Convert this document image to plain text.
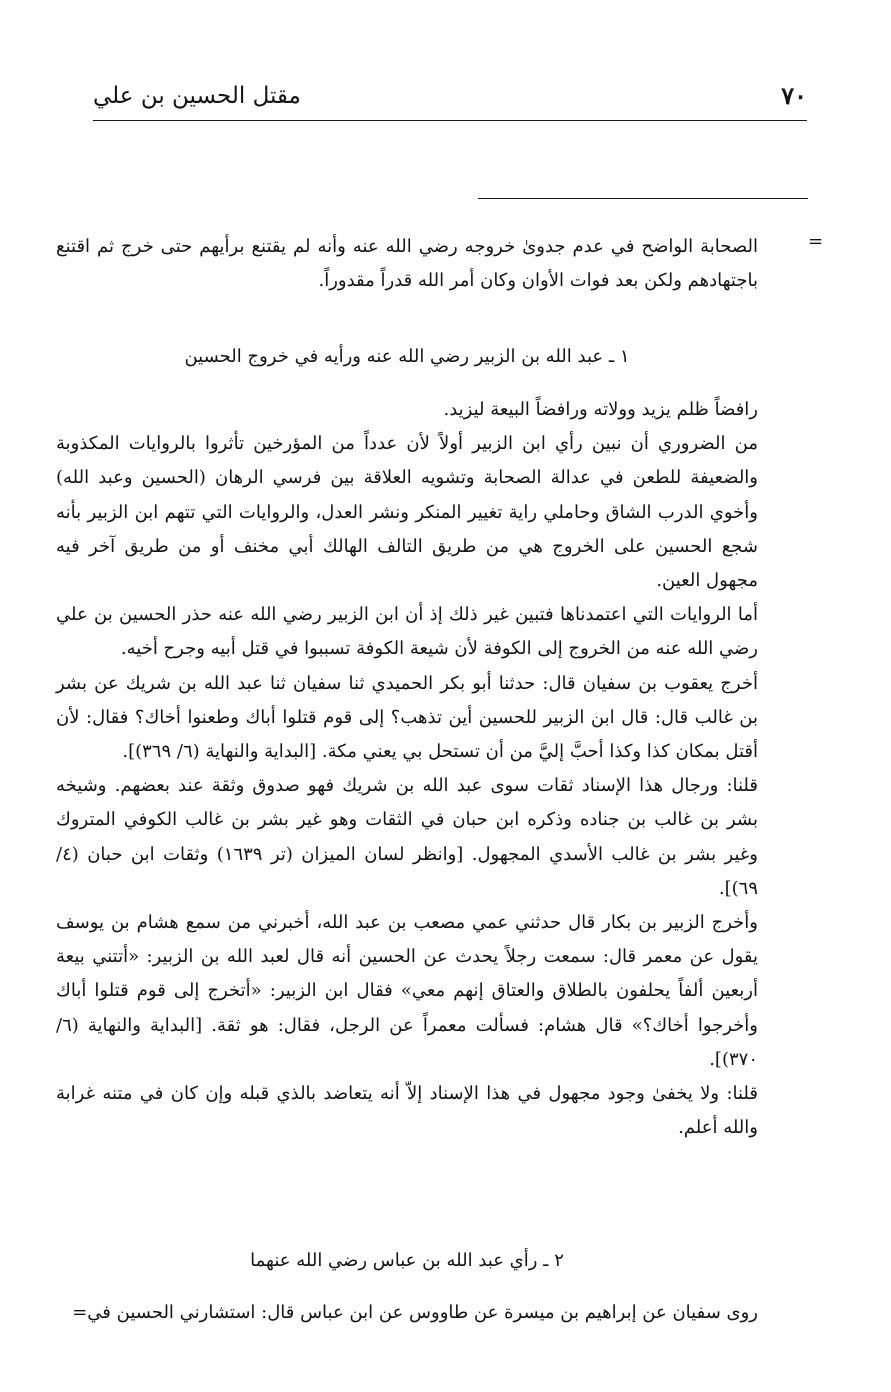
٧٠
مقتل الحسين بن علي
=

الصحابة الواضح في عدم جدوىٰ خروجه رضي الله عنه وأنه لم يقتنع برأيهم حتى خرج ثم اقتنع باجتهادهم ولكن بعد فوات الأوان وكان أمر الله قدراً مقدوراً.

١ ـ عبد الله بن الزبير رضي الله عنه ورأيه في خروج الحسين

رافضاً ظلم يزيد وولاته ورافضاً البيعة ليزيد.

من الضروري أن نبين رأي ابن الزبير أولاً لأن عدداً من المؤرخين تأثروا بالروايات المكذوبة والضعيفة للطعن في عدالة الصحابة وتشويه العلاقة بين فرسي الرهان (الحسين وعبد الله) وأخوي الدرب الشاق وحاملي راية تغيير المنكر ونشر العدل، والروايات التي تتهم ابن الزبير بأنه شجع الحسين على الخروج هي من طريق التالف الهالك أبي مخنف أو من طريق آخر فيه مجهول العين.

أما الروايات التي اعتمدناها فتبين غير ذلك إذ أن ابن الزبير رضي الله عنه حذر الحسين بن علي رضي الله عنه من الخروج إلى الكوفة لأن شيعة الكوفة تسببوا في قتل أبيه وجرح أخيه.

أخرج يعقوب بن سفيان قال: حدثنا أبو بكر الحميدي ثنا سفيان ثنا عبد الله بن شريك عن بشر بن غالب قال: قال ابن الزبير للحسين أين تذهب؟ إلى قوم قتلوا أباك وطعنوا أخاك؟ فقال: لأن أقتل بمكان كذا وكذا أحبَّ إليَّ من أن تستحل بي يعني مكة. [البداية والنهاية (٦/ ٣٦٩)].

قلنا: ورجال هذا الإسناد ثقات سوى عبد الله بن شريك فهو صدوق وثقة عند بعضهم. وشيخه بشر بن غالب بن جناده وذكره ابن حبان في الثقات وهو غير بشر بن غالب الكوفي المتروك وغير بشر بن غالب الأسدي المجهول. [وانظر لسان الميزان (تر ١٦٣٩) وثقات ابن حبان (٤/ ٦٩)].

وأخرج الزبير بن بكار قال حدثني عمي مصعب بن عبد الله، أخبرني من سمع هشام بن يوسف يقول عن معمر قال: سمعت رجلاً يحدث عن الحسين أنه قال لعبد الله بن الزبير: «أتتني بيعة أربعين ألفاً يحلفون بالطلاق والعتاق إنهم معي» فقال ابن الزبير: «أتخرج إلى قوم قتلوا أباك وأخرجوا أخاك؟» قال هشام: فسألت معمراً عن الرجل، فقال: هو ثقة. [البداية والنهاية (٦/ ٣٧٠)].

قلنا: ولا يخفىٰ وجود مجهول في هذا الإسناد إلاّ أنه يتعاضد بالذي قبله وإن كان في متنه غرابة والله أعلم.

٢ ـ رأي عبد الله بن عباس رضي الله عنهما

روى سفيان عن إبراهيم بن ميسرة عن طاووس عن ابن عباس قال: استشارني الحسين في=
